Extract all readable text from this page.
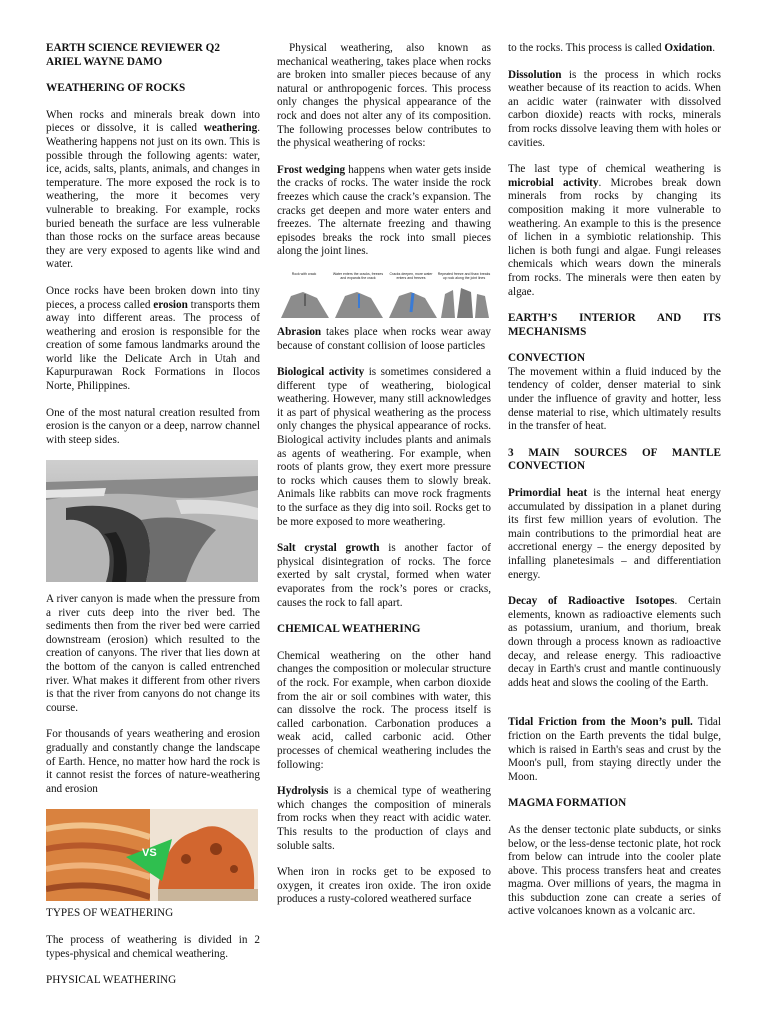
EARTH SCIENCE REVIEWER Q2
ARIEL WAYNE DAMO
WEATHERING OF ROCKS

When rocks and minerals break down into pieces or dissolve, it is called weathering. Weathering happens not just on its own. This is possible through the following agents: water, ice, acids, salts, plants, animals, and changes in temperature. The more exposed the rock is to weathering, the more it becomes very vulnerable to breaking. For example, rocks buried beneath the surface are less vulnerable than those rocks on the surface areas because they are very exposed to agents like wind and water.

Once rocks have been broken down into tiny pieces, a process called erosion transports them away into different areas. The process of weathering and erosion is responsible for the creation of some famous landmarks around the world like the Delicate Arch in Utah and Kapurpurawan Rock Formations in Ilocos Norte, Philippines.

One of the most natural creation resulted from erosion is the canyon or a deep, narrow channel with steep sides.

A river canyon is made when the pressure from a river cuts deep into the river bed. The sediments then from the river bed were carried downstream (erosion) which resulted to the creation of canyons. The river that lies down at the bottom of the canyon is called entrenched river. What makes it different from other rivers is that the river from canyons do not change its course.

For thousands of years weathering and erosion gradually and constantly change the landscape of Earth. Hence, no matter how hard the rock is it cannot resist the forces of nature-weathering and erosion

VS
TYPES OF WEATHERING

The process of weathering is divided in 2 types-physical and chemical weathering.

PHYSICAL WEATHERING

Physical weathering, also known as mechanical weathering, takes place when rocks are broken into smaller pieces because of any natural or anthropogenic forces. This process only changes the physical appearance of the rock and does not alter any of its composition. The following processes below contributes to the physical weathering of rocks:

Frost wedging happens when water gets inside the cracks of rocks. The water inside the rock freezes which cause the crack’s expansion. The cracks get deepen and more water enters and freezes. The alternate freezing and thawing episodes breaks the rock into small pieces along the joint lines.

Rock with crack	Water enters the cracks, freezes and expands the crack
Cracks deepen, more water enters and freezes
Repeated freeze and thaw breaks up rock along the joint lines

Abrasion takes place when rocks wear away because of constant collision of loose particles

Biological activity is sometimes considered a different type of weathering, biological weathering. However, many still acknowledges it as part of physical weathering as the process only changes the physical appearance of rocks. Biological activity includes plants and animals as agents of weathering. For example, when roots of plants grow, they exert more pressure to rocks which causes them to slowly break. Animals like rabbits can move rock fragments to the surface as they dig into soil. Rocks get to be more exposed to more weathering.

Salt crystal growth is another factor of physical disintegration of rocks. The force exerted by salt crystal, formed when water evaporates from the rock’s pores or cracks, causes the rock to fall apart.

CHEMICAL WEATHERING

Chemical weathering on the other hand changes the composition or molecular structure of the rock. For example, when carbon dioxide from the air or soil combines with water, this can dissolve the rock. The process itself is called carbonation. Carbonation produces a weak acid, called carbonic acid. Other processes of chemical weathering includes the following:

Hydrolysis is a chemical type of weathering which changes the composition of minerals from rocks when they react with acidic water. This results to the production of clays and soluble salts.

When iron in rocks get to be exposed to oxygen, it creates iron oxide. The iron oxide produces a rusty-colored weathered surface

to the rocks. This process is called Oxidation.

Dissolution is the process in which rocks weather because of its reaction to acids. When an acidic water (rainwater with dissolved carbon dioxide) reacts with rocks, minerals from rocks dissolve leaving them with holes or cavities.

The last type of chemical weathering is microbial activity. Microbes break down minerals from rocks by changing its composition making it more vulnerable to weathering. An example to this is the presence of lichen in a symbiotic relationship. This lichen is both fungi and algae. Fungi releases chemicals which wears down the minerals from rocks. The minerals were then eaten by algae.

EARTH’S INTERIOR AND ITS MECHANISMS
CONVECTION

The movement within a fluid induced by the tendency of colder, denser material to sink under the influence of gravity and hotter, less dense material to rise, which ultimately results in the transfer of heat.

3 MAIN SOURCES OF MANTLE CONVECTION

Primordial heat is the internal heat energy accumulated by dissipation in a planet during its first few million years of evolution. The main contributions to the primordial heat are accretional energy – the energy deposited by infalling planetesimals – and differentiation energy.

Decay of Radioactive Isotopes. Certain elements, known as radioactive elements such as potassium, uranium, and thorium, break down through a process known as radioactive decay, and release energy. This radioactive decay in Earth's crust and mantle continuously adds heat and slows the cooling of the Earth.

Tidal Friction from the Moon’s pull. Tidal friction on the Earth prevents the tidal bulge, which is raised in Earth's seas and crust by the Moon's pull, from staying directly under the Moon.

MAGMA FORMATION

As the denser tectonic plate subducts, or sinks below, or the less-dense tectonic plate, hot rock from below can intrude into the cooler plate above. This process transfers heat and creates magma. Over millions of years, the magma in this subduction zone can create a series of active volcanoes known as a volcanic arc.
